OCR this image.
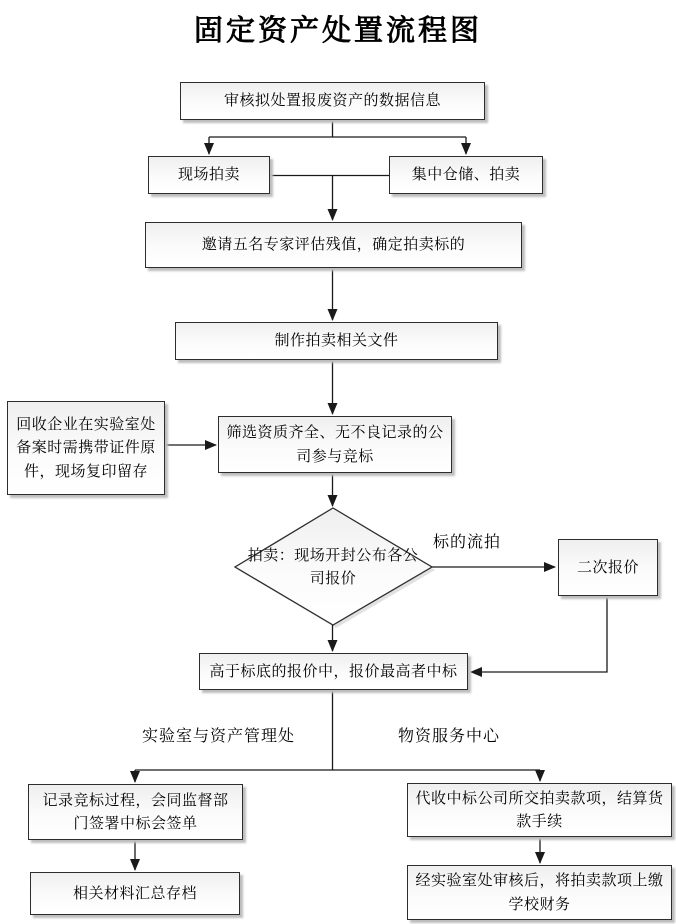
固定资产处置流程图
审核拟处置报废资产的数据信息
现场拍卖	集中仓储、拍卖
邀请五名专家评估残值，确定拍卖标的
制作拍卖相关文件
回收企业在实验室处备案时需携带证件原件，现场复印留存
筛选资质齐全、无不良记录的公司参与竞标
拍卖：现场开封公布各公司报价
二次报价
高于标底的报价中，报价最高者中标
记录竞标过程，会同监督部门签署中标会签单
相关材料汇总存档
代收中标公司所交拍卖款项，结算货款手续
经实验室处审核后，将拍卖款项上缴学校财务
标的流拍
实验室与资产管理处	物资服务中心
